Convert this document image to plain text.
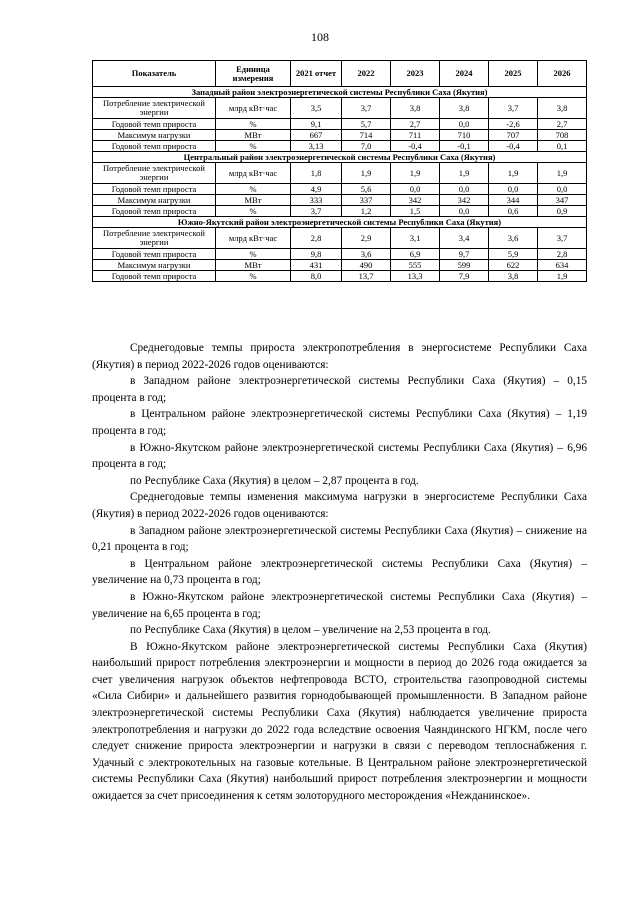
108
Показатель	Единица измерения	2021 отчет	2022	2023	2024	2025	2026
Западный район электроэнергетической системы Республики Саха (Якутия)							
Потребление электрической энергии	млрд кВт·час	3,5	3,7	3,8	3,8	3,7	3,8
Годовой темп прироста	%	9,1	5,7	2,7	0,0	-2,6	2,7
Максимум нагрузки	МВт	667	714	711	710	707	708
Годовой темп прироста	%	3,13	7,0	-0,4	-0,1	-0,4	0,1
Центральный район электроэнергетической системы Республики Саха (Якутия)							
Потребление электрической энергии	млрд кВт·час	1,8	1,9	1,9	1,9	1,9	1,9
Годовой темп прироста	%	4,9	5,6	0,0	0,0	0,0	0,0
Максимум нагрузки	МВт	333	337	342	342	344	347
Годовой темп прироста	%	3,7	1,2	1,5	0,0	0,6	0,9
Южно-Якутский район электроэнергетической системы Республики Саха (Якутия)							
Потребление электрической энергии	млрд кВт·час	2,8	2,9	3,1	3,4	3,6	3,7
Годовой темп прироста	%	9,8	3,6	6,9	9,7	5,9	2,8
Максимум нагрузки	МВт	431	490	555	599	622	634
Годовой темп прироста	%	8,0	13,7	13,3	7,9	3,8	1,9

Среднегодовые темпы прироста электропотребления в энергосистеме Республики Саха (Якутия) в период 2022-2026 годов оцениваются:

в Западном районе электроэнергетической системы Республики Саха (Якутия) – 0,15 процента в год;

в Центральном районе электроэнергетической системы Республики Саха (Якутия) – 1,19 процента в год;

в Южно-Якутском районе электроэнергетической системы Республики Саха (Якутия) – 6,96 процента в год;

по Республике Саха (Якутия) в целом – 2,87 процента в год.

Среднегодовые темпы изменения максимума нагрузки в энергосистеме Республики Саха (Якутия) в период 2022-2026 годов оцениваются:

в Западном районе электроэнергетической системы Республики Саха (Якутия) – снижение на 0,21 процента в год;

в Центральном районе электроэнергетической системы Республики Саха (Якутия) – увеличение на 0,73 процента в год;

в Южно-Якутском районе электроэнергетической системы Республики Саха (Якутия) – увеличение на 6,65 процента в год;

по Республике Саха (Якутия) в целом – увеличение на 2,53 процента в год.

В Южно-Якутском районе электроэнергетической системы Республики Саха (Якутия) наибольший прирост потребления электроэнергии и мощности в период до 2026 года ожидается за счет увеличения нагрузок объектов нефтепровода ВСТО, строительства газопроводной системы «Сила Сибири» и дальнейшего развития горнодобывающей промышленности. В Западном районе электроэнергетической системы Республики Саха (Якутия) наблюдается увеличение прироста электропотребления и нагрузки до 2022 года вследствие освоения Чаяндинского НГКМ, после чего следует снижение прироста электроэнергии и нагрузки в связи с переводом теплоснабжения г. Удачный с электрокотельных на газовые котельные. В Центральном районе электроэнергетической системы Республики Саха (Якутия) наибольший прирост потребления электроэнергии и мощности ожидается за счет присоединения к сетям золоторудного месторождения «Нежданинское».
